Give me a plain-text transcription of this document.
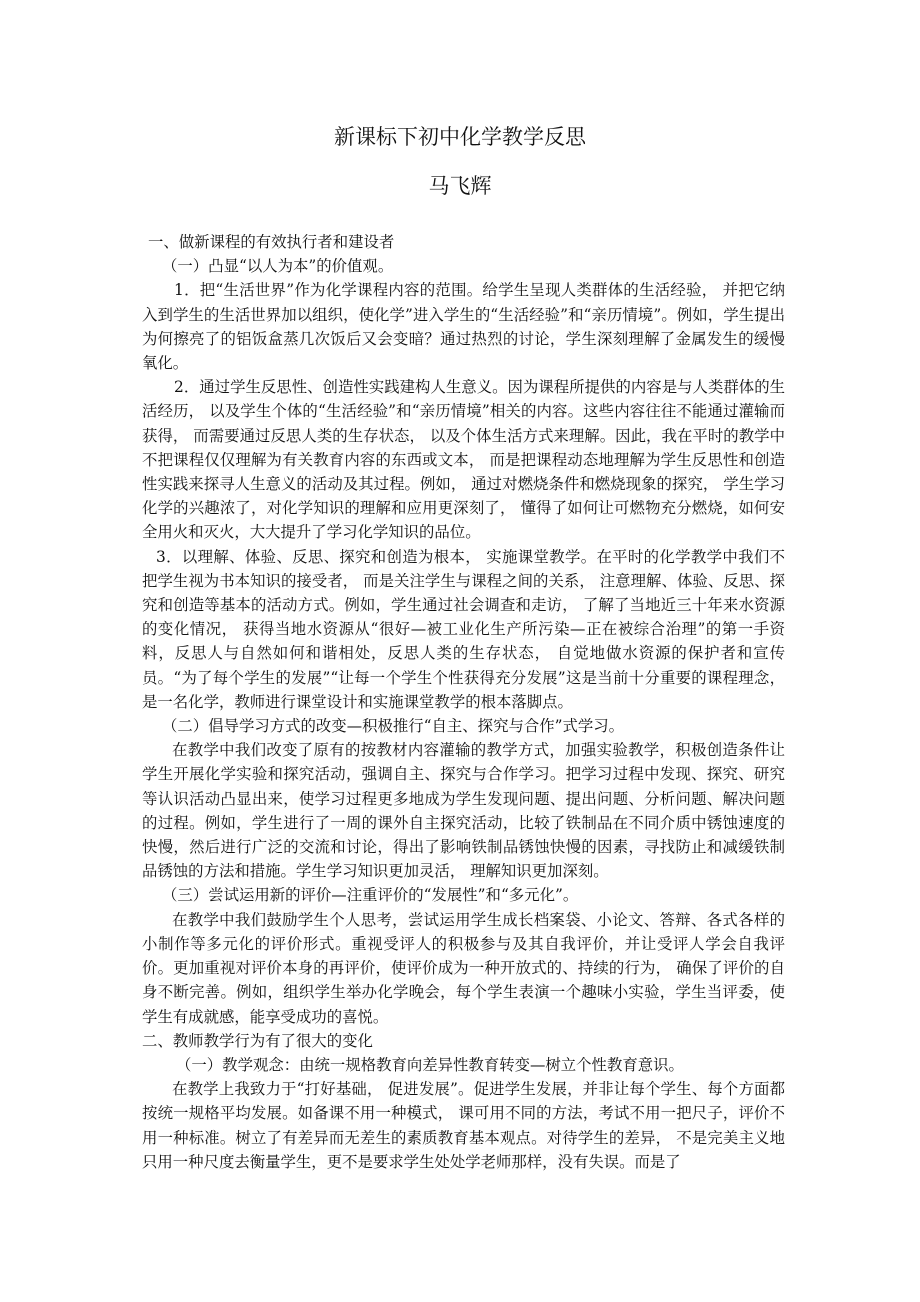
新课标下初中化学教学反思
马飞辉

一、做新课程的有效执行者和建设者

（一）凸显“以人为本”的价值观。

1．把“生活世界”作为化学课程内容的范围。给学生呈现人类群体的生活经验， 并把它纳入到学生的生活世界加以组织，使化学”进入学生的“生活经验”和“亲历情境”。例如，学生提出为何擦亮了的铝饭盒蒸几次饭后又会变暗？通过热烈的讨论，学生深刻理解了金属发生的缓慢氧化。

2．通过学生反思性、创造性实践建构人生意义。因为课程所提供的内容是与人类群体的生活经历， 以及学生个体的“生活经验”和“亲历情境”相关的内容。这些内容往往不能通过灌输而获得， 而需要通过反思人类的生存状态， 以及个体生活方式来理解。因此，我在平时的教学中不把课程仅仅理解为有关教育内容的东西或文本， 而是把课程动态地理解为学生反思性和创造性实践来探寻人生意义的活动及其过程。例如， 通过对燃烧条件和燃烧现象的探究， 学生学习化学的兴趣浓了，对化学知识的理解和应用更深刻了， 懂得了如何让可燃物充分燃烧，如何安全用火和灭火，大大提升了学习化学知识的品位。

3．以理解、体验、反思、探究和创造为根本， 实施课堂教学。在平时的化学教学中我们不把学生视为书本知识的接受者， 而是关注学生与课程之间的关系， 注意理解、体验、反思、探究和创造等基本的活动方式。例如，学生通过社会调查和走访， 了解了当地近三十年来水资源的变化情况， 获得当地水资源从“很好—被工业化生产所污染—正在被综合治理”的第一手资料，反思人与自然如何和谐相处，反思人类的生存状态， 自觉地做水资源的保护者和宣传员。“为了每个学生的发展”“让每一个学生个性获得充分发展”这是当前十分重要的课程理念，是一名化学，教师进行课堂设计和实施课堂教学的根本落脚点。

（二）倡导学习方式的改变—积极推行“自主、探究与合作”式学习。

在教学中我们改变了原有的按教材内容灌输的教学方式，加强实验教学，积极创造条件让学生开展化学实验和探究活动，强调自主、探究与合作学习。把学习过程中发现、探究、研究等认识活动凸显出来，使学习过程更多地成为学生发现问题、提出问题、分析问题、解决问题的过程。例如，学生进行了一周的课外自主探究活动，比较了铁制品在不同介质中锈蚀速度的快慢，然后进行广泛的交流和讨论，得出了影响铁制品锈蚀快慢的因素，寻找防止和减缓铁制品锈蚀的方法和措施。学生学习知识更加灵活， 理解知识更加深刻。

（三）尝试运用新的评价—注重评价的“发展性”和“多元化”。

在教学中我们鼓励学生个人思考，尝试运用学生成长档案袋、小论文、答辩、各式各样的小制作等多元化的评价形式。重视受评人的积极参与及其自我评价，并让受评人学会自我评价。更加重视对评价本身的再评价，使评价成为一种开放式的、持续的行为， 确保了评价的自身不断完善。例如，组织学生举办化学晚会，每个学生表演一个趣味小实验，学生当评委，使学生有成就感，能享受成功的喜悦。

二、教师教学行为有了很大的变化

（一）教学观念：由统一规格教育向差异性教育转变—树立个性教育意识。

在教学上我致力于“打好基础， 促进发展”。促进学生发展，并非让每个学生、每个方面都按统一规格平均发展。如备课不用一种模式， 课可用不同的方法，考试不用一把尺子，评价不用一种标准。树立了有差异而无差生的素质教育基本观点。对待学生的差异， 不是完美主义地只用一种尺度去衡量学生，更不是要求学生处处学老师那样，没有失误。而是了
